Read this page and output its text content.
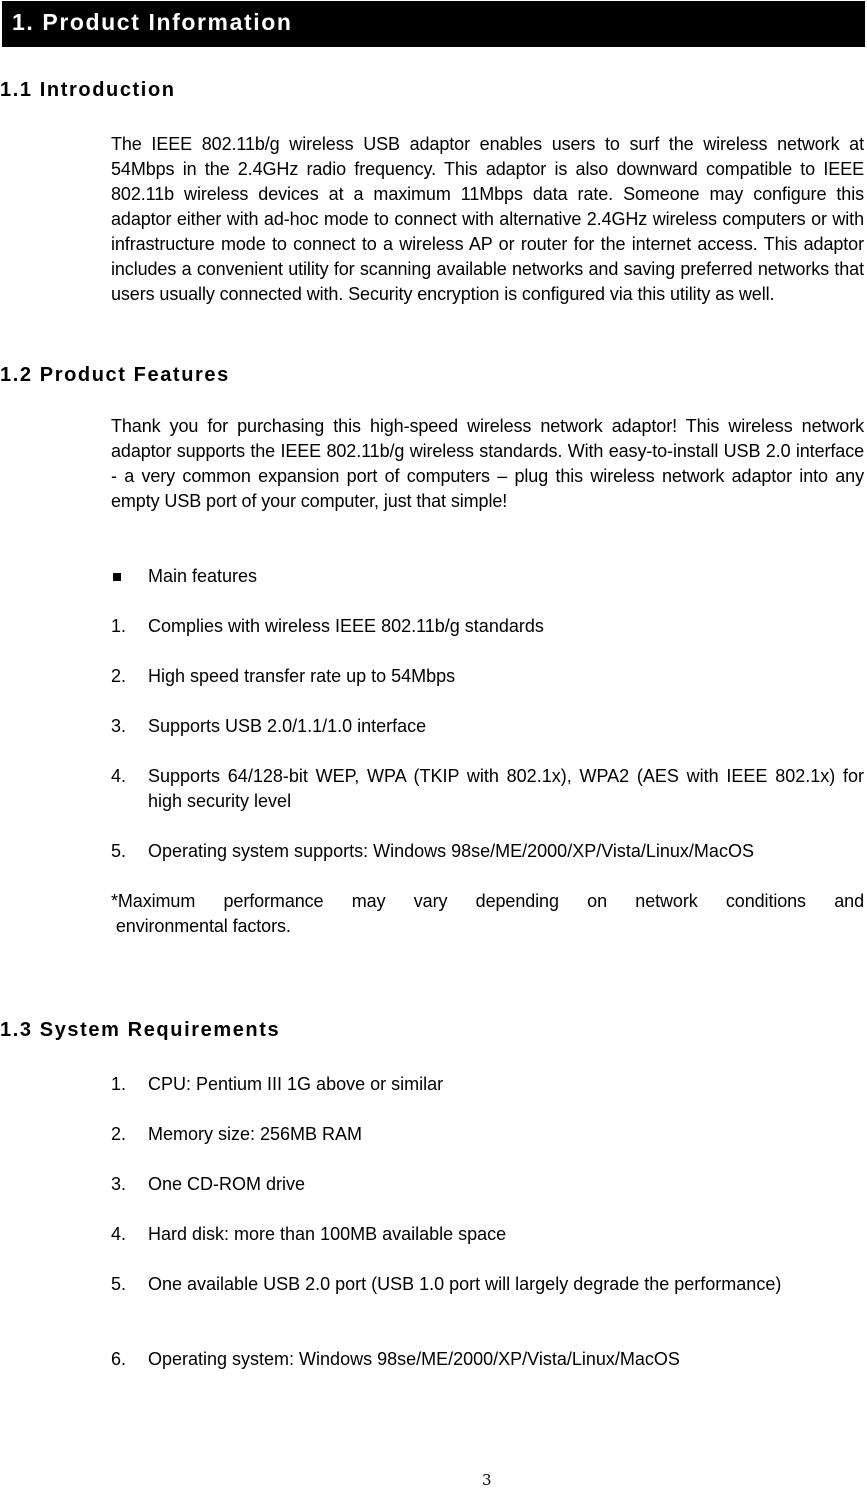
1. Product Information
1.1 Introduction
The IEEE 802.11b/g wireless USB adaptor enables users to surf the wireless network at 54Mbps in the 2.4GHz radio frequency. This adaptor is also downward compatible to IEEE 802.11b wireless devices at a maximum 11Mbps data rate. Someone may configure this adaptor either with ad-hoc mode to connect with alternative 2.4GHz wireless computers or with infrastructure mode to connect to a wireless AP or router for the internet access. This adaptor includes a convenient utility for scanning available networks and saving preferred networks that users usually connected with. Security encryption is configured via this utility as well.
1.2 Product Features
Thank you for purchasing this high-speed wireless network adaptor! This wireless network adaptor supports the IEEE 802.11b/g wireless standards. With easy-to-install USB 2.0 interface - a very common expansion port of computers – plug this wireless network adaptor into any empty USB port of your computer, just that simple!
Main features
1. Complies with wireless IEEE 802.11b/g standards
2. High speed transfer rate up to 54Mbps
3. Supports USB 2.0/1.1/1.0 interface
4. Supports 64/128-bit WEP, WPA (TKIP with 802.1x), WPA2 (AES with IEEE 802.1x) for high security level
5. Operating system supports: Windows 98se/ME/2000/XP/Vista/Linux/MacOS
*Maximum performance may vary depending on network conditions and
environmental factors.
1.3 System Requirements
1. CPU: Pentium III 1G above or similar
2. Memory size: 256MB RAM
3. One CD-ROM drive
4. Hard disk: more than 100MB available space
5. One available USB 2.0 port (USB 1.0 port will largely degrade the performance)
6. Operating system: Windows 98se/ME/2000/XP/Vista/Linux/MacOS
3
